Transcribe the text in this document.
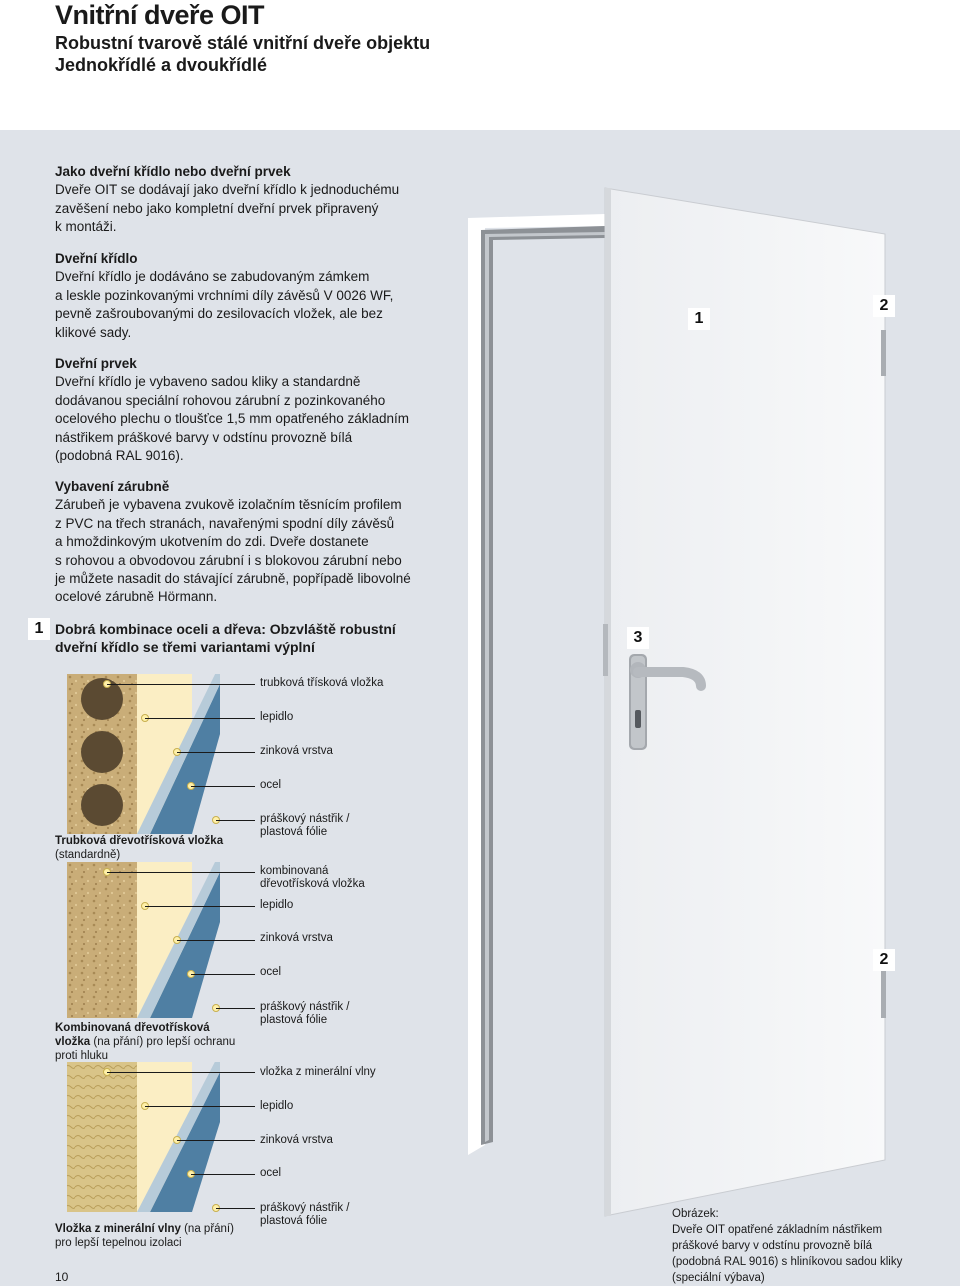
Vnitřní dveře OIT
Robustní tvarově stálé vnitřní dveře objektu
Jednokřídlé a dvoukřídlé
Jako dveřní křídlo nebo dveřní prvek
Dveře OIT se dodávají jako dveřní křídlo k jednoduchému
zavěšení nebo jako kompletní dveřní prvek připravený
k montáži.
Dveřní křídlo
Dveřní křídlo je dodáváno se zabudovaným zámkem
a leskle pozinkovanými vrchními díly závěsů V 0026 WF,
pevně zašroubovanými do zesilovacích vložek, ale bez
klikové sady.
Dveřní prvek
Dveřní křídlo je vybaveno sadou kliky a standardně
dodávanou speciální rohovou zárubní z pozinkovaného
ocelového plechu o tloušťce 1,5 mm opatřeného základním
nástřikem práškové barvy v odstínu provozně bílá
(podobná RAL 9016).
Vybavení zárubně
Zárubeň je vybavena zvukově izolačním těsnícím profilem
z PVC na třech stranách, navařenými spodní díly závěsů
a hmoždinkovým ukotvením do zdi. Dveře dostanete
s rohovou a obvodovou zárubní i s blokovou zárubní nebo
je můžete nasadit do stávající zárubně, popřípadě libovolné
ocelové zárubně Hörmann.
1 Dobrá kombinace oceli a dřeva: Obzvláště robustní
dveřní křídlo se třemi variantami výplní
trubková třísková vložka
lepidlo
zinková vrstva
ocel
práškový nástřik /
plastová fólie
Trubková dřevotřísková vložka
(standardně)
kombinovaná
dřevotřísková vložka
lepidlo
zinková vrstva
ocel
práškový nástřik /
plastová fólie
Kombinovaná dřevotřísková
vložka (na přání) pro lepší ochranu
proti hluku
vložka z minerální vlny
lepidlo
zinková vrstva
ocel
práškový nástřik /
plastová fólie
Vložka z minerální vlny (na přání)
pro lepší tepelnou izolaci
1
2
3
2
Obrázek:
Dveře OIT opatřené základním nástřikem
práškové barvy v odstínu provozně bílá
(podobná RAL 9016) s hliníkovou sadou kliky
(speciální výbava)
10
